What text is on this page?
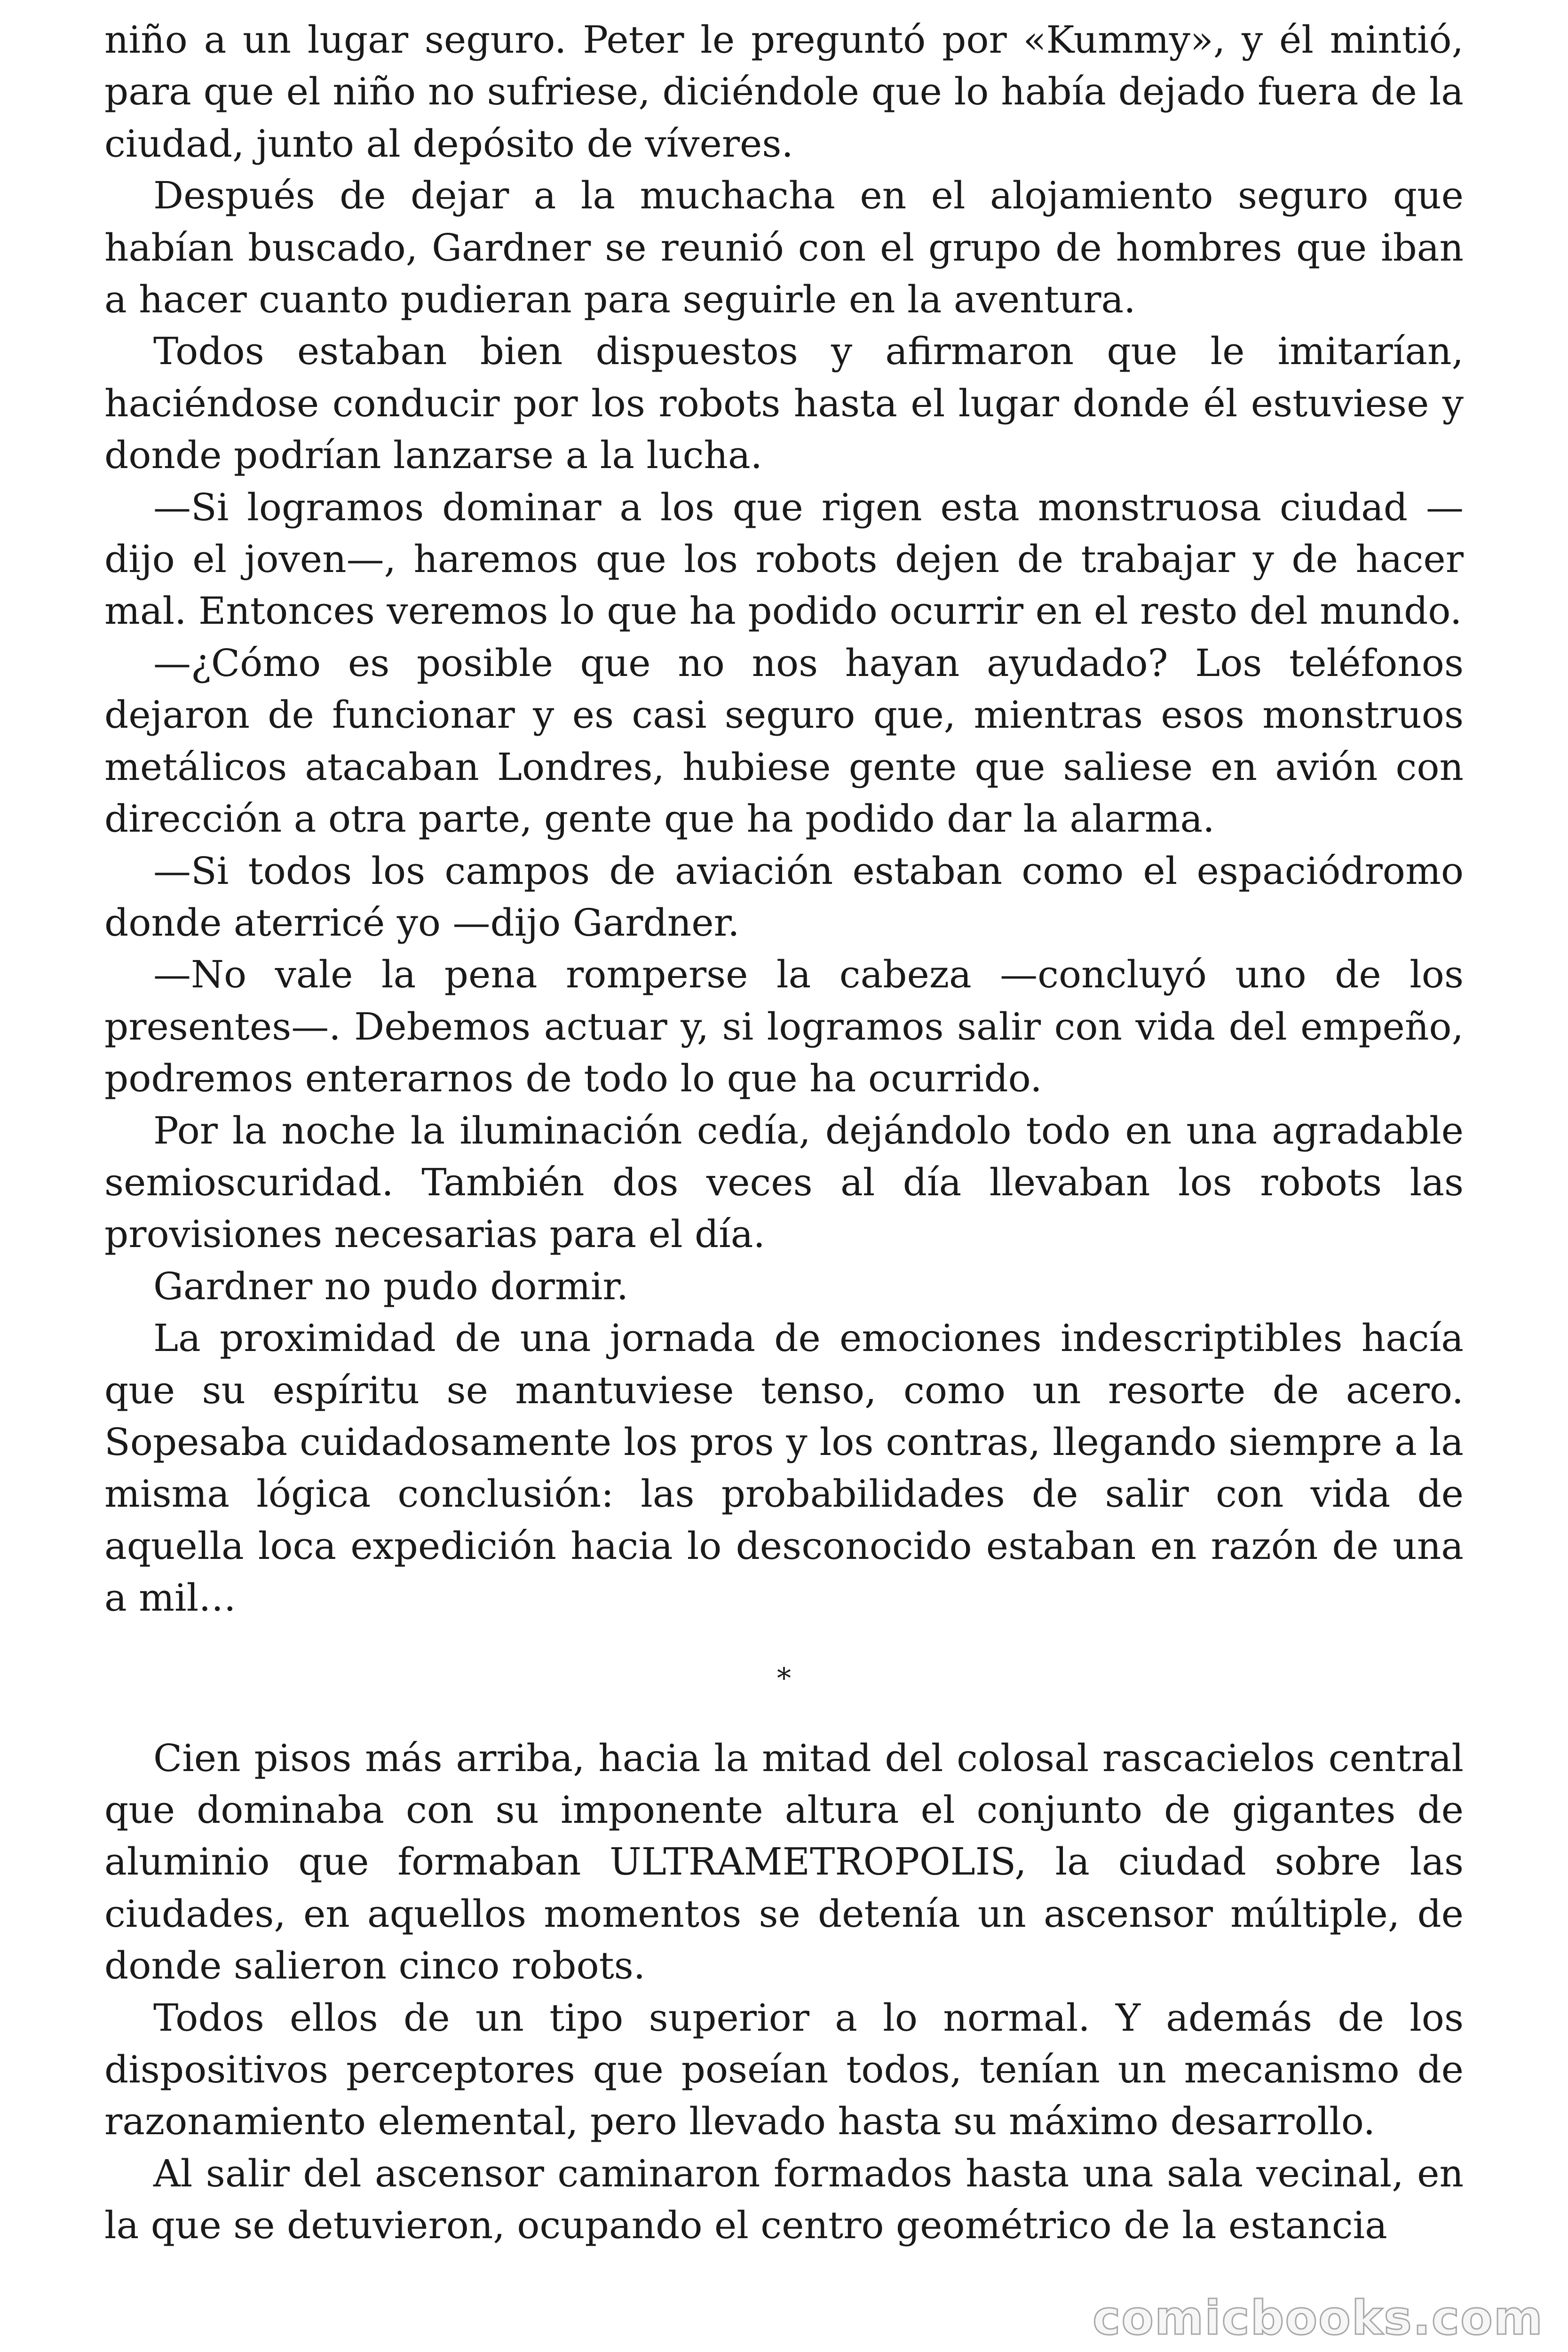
niño a un lugar seguro. Peter le preguntó por «Kummy», y él mintió, para que el niño no sufriese, diciéndole que lo había dejado fuera de la ciudad, junto al depósito de víveres.

Después de dejar a la muchacha en el alojamiento seguro que habían buscado, Gardner se reunió con el grupo de hombres que iban a hacer cuanto pudieran para seguirle en la aventura.

Todos estaban bien dispuestos y afirmaron que le imitarían, haciéndose conducir por los robots hasta el lugar donde él estuviese y donde podrían lanzarse a la lucha.

—Si logramos dominar a los que rigen esta monstruosa ciudad —dijo el joven—, haremos que los robots dejen de trabajar y de hacer mal. Entonces veremos lo que ha podido ocurrir en el resto del mundo.

—¿Cómo es posible que no nos hayan ayudado? Los teléfonos dejaron de funcionar y es casi seguro que, mientras esos monstruos metálicos atacaban Londres, hubiese gente que saliese en avión con dirección a otra parte, gente que ha podido dar la alarma.

—Si todos los campos de aviación estaban como el espaciódromo donde aterricé yo —dijo Gardner.

—No vale la pena romperse la cabeza —concluyó uno de los presentes—. Debemos actuar y, si logramos salir con vida del empeño, podremos enterarnos de todo lo que ha ocurrido.

Por la noche la iluminación cedía, dejándolo todo en una agradable semioscuridad. También dos veces al día llevaban los robots las provisiones necesarias para el día.

Gardner no pudo dormir.

La proximidad de una jornada de emociones indescriptibles hacía que su espíritu se mantuviese tenso, como un resorte de acero. Sopesaba cuidadosamente los pros y los contras, llegando siempre a la misma lógica conclusión: las probabilidades de salir con vida de aquella loca expedición hacia lo desconocido estaban en razón de una a mil…

*

Cien pisos más arriba, hacia la mitad del colosal rascacielos central que dominaba con su imponente altura el conjunto de gigantes de aluminio que formaban ULTRAMETROPOLIS, la ciudad sobre las ciudades, en aquellos momentos se detenía un ascensor múltiple, de donde salieron cinco robots.

Todos ellos de un tipo superior a lo normal. Y además de los dispositivos perceptores que poseían todos, tenían un mecanismo de razonamiento elemental, pero llevado hasta su máximo desarrollo.

Al salir del ascensor caminaron formados hasta una sala vecinal, en la que se detuvieron, ocupando el centro geométrico de la estancia

comicbooks.com
